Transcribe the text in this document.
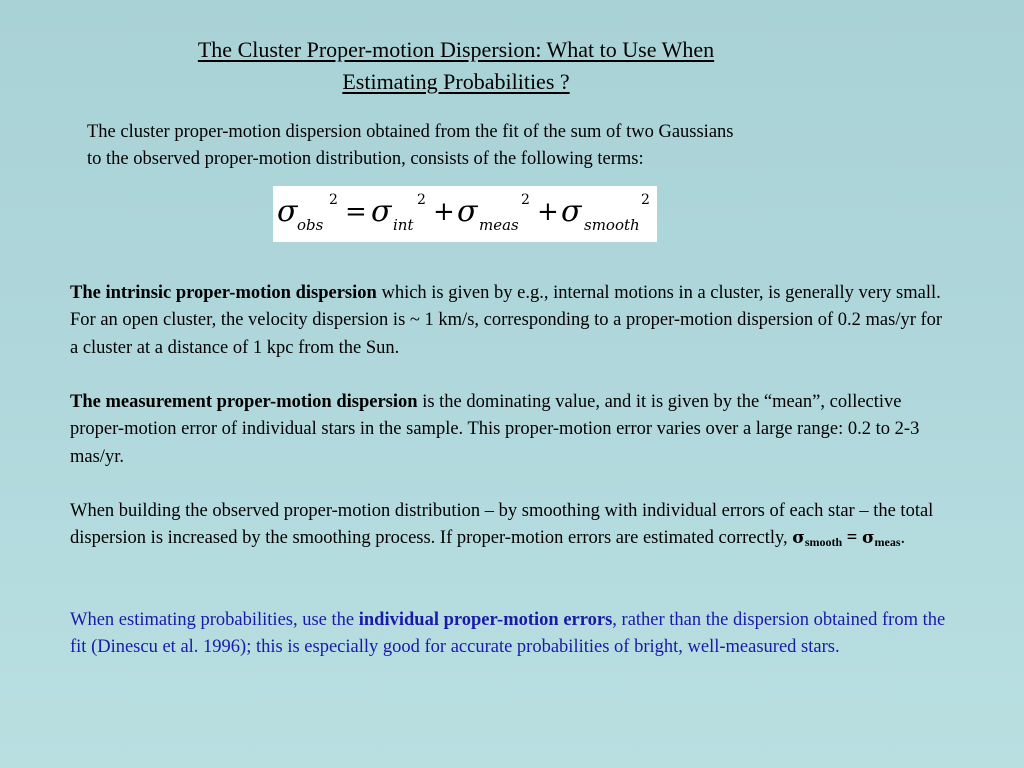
The Cluster Proper-motion Dispersion: What to Use When
Estimating Probabilities ?
The cluster proper-motion dispersion obtained from the fit of the sum of two Gaussians
to the observed proper-motion distribution, consists of the following terms:
σ obs
2 = σ int
2 + σ meas
2 + σ smooth
2
The intrinsic proper-motion dispersion which is given by e.g., internal motions in a cluster, is generally very small. For an open cluster, the velocity dispersion is ~ 1 km/s, corresponding to a proper-motion dispersion of 0.2 mas/yr for a cluster at a distance of 1 kpc from the Sun.
The measurement proper-motion dispersion is the dominating value, and it is given by the “mean”, collective proper-motion error of individual stars in the sample. This proper-motion error varies over a large range: 0.2 to 2-3 mas/yr.
When building the observed proper-motion distribution – by smoothing with individual errors of each star – the total dispersion is increased by the smoothing process. If proper-motion errors are estimated correctly, σsmooth = σmeas.
When estimating probabilities, use the individual proper-motion errors, rather than the dispersion obtained from the fit (Dinescu et al. 1996); this is especially good for accurate probabilities of bright, well-measured stars.
